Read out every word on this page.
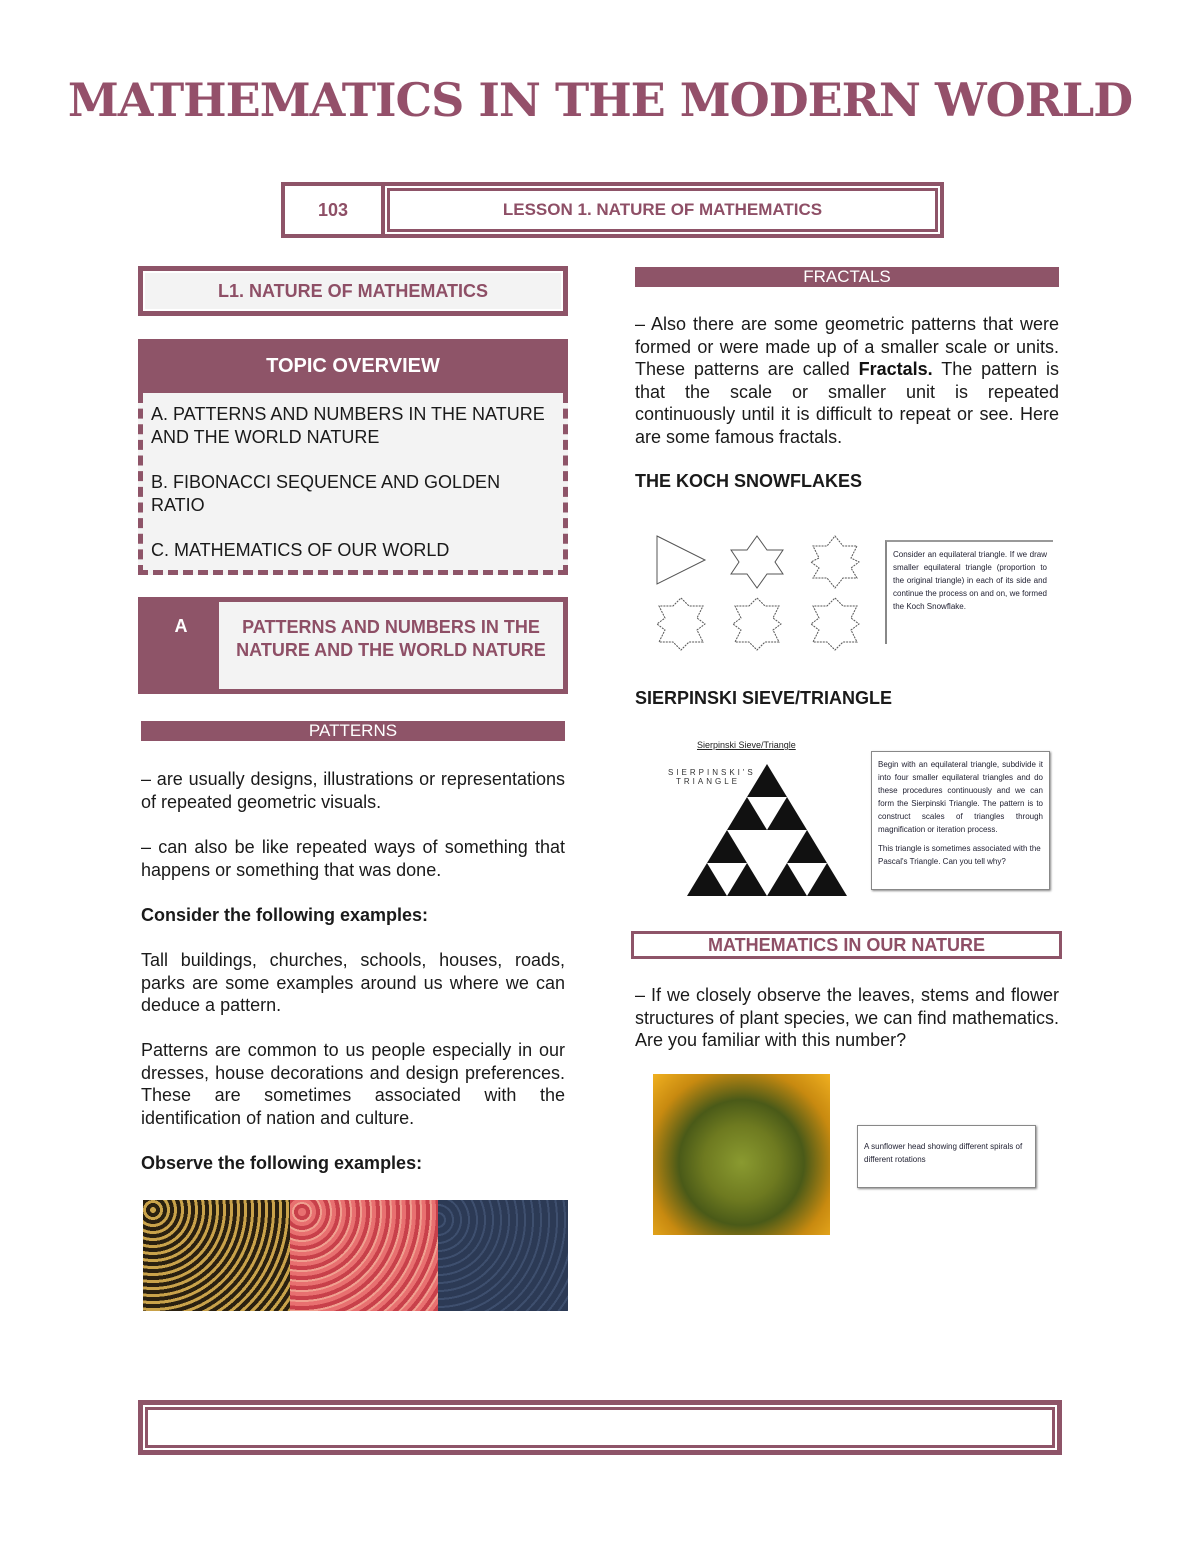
MATHEMATICS IN THE MODERN WORLD
103	LESSON 1. NATURE OF MATHEMATICS
L1. NATURE OF MATHEMATICS
TOPIC OVERVIEW
A. PATTERNS AND NUMBERS IN THE NATURE AND THE WORLD NATURE
B. FIBONACCI SEQUENCE AND GOLDEN RATIO
C. MATHEMATICS OF OUR WORLD
A	PATTERNS AND NUMBERS IN THE NATURE AND THE WORLD NATURE
PATTERNS
– are usually designs, illustrations or representations of repeated geometric visuals.
– can also be like repeated ways of something that happens or something that was done.
Consider the following examples:
Tall buildings, churches, schools, houses, roads, parks are some examples around us where we can deduce a pattern.
Patterns are common to us people especially in our dresses, house decorations and design preferences. These are sometimes associated with the identification of nation and culture.
Observe the following examples:
FRACTALS
– Also there are some geometric patterns that were formed or were made up of a smaller scale or units. These patterns are called Fractals. The pattern is that the scale or smaller unit is repeated continuously until it is difficult to repeat or see. Here are some famous fractals.
THE KOCH SNOWFLAKES
Consider an equilateral triangle. If we draw smaller equilateral triangle (proportion to the original triangle) in each of its side and continue the process on and on, we formed the Koch Snowflake.
SIERPINSKI SIEVE/TRIANGLE
Sierpinski Sieve/Triangle
SIERPINSKI'S TRIANGLE
Begin with an equilateral triangle, subdivide it into four smaller equilateral triangles and do these procedures continuously and we can form the Sierpinski Triangle. The pattern is to construct scales of triangles through magnification or iteration process.
This triangle is sometimes associated with the Pascal's Triangle. Can you tell why?
MATHEMATICS IN OUR NATURE
– If we closely observe the leaves, stems and flower structures of plant species, we can find mathematics. Are you familiar with this number?
A sunflower head showing different spirals of different rotations
